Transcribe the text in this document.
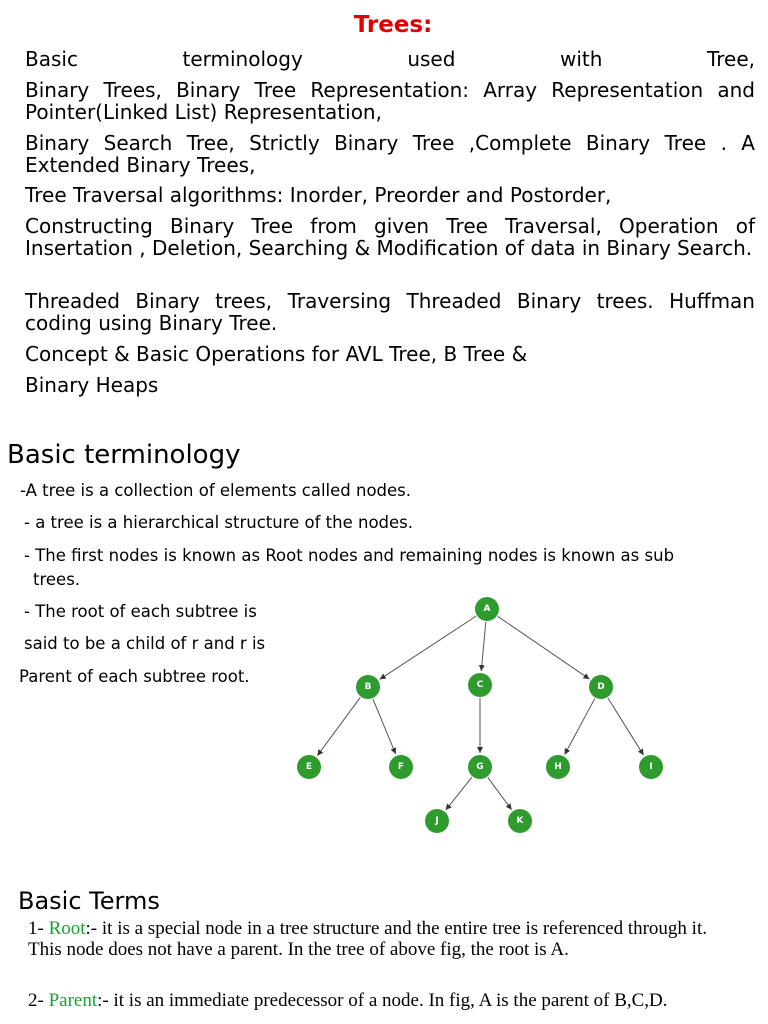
Trees:
Basic terminology used with Tree,
Binary Trees, Binary Tree Representation: Array Representation and Pointer(Linked List) Representation,
Binary Search Tree, Strictly Binary Tree ,Complete Binary Tree . A Extended Binary Trees,
Tree Traversal algorithms: Inorder, Preorder and Postorder,
Constructing Binary Tree from given Tree Traversal, Operation of Insertation , Deletion, Searching & Modification of data in Binary Search.
Threaded Binary trees, Traversing Threaded Binary trees. Huffman coding using Binary Tree.
Concept & Basic Operations for AVL Tree, B Tree &
Binary Heaps
Basic terminology
-A tree is a collection of elements called nodes.
- a tree is a hierarchical structure of the nodes.
- The first nodes is known as Root nodes and remaining nodes is known as sub
trees.
- The root of each subtree is
said to be a child of r and r is
Parent of each subtree root.
A
B	C	D
E	F	G	H	I
J	K
Basic Terms
1- Root:- it is a special node in a tree structure and the entire tree is referenced through it. This node does not have a parent. In the tree of above fig, the root is A.
2- Parent:- it is an immediate predecessor of a node. In fig, A is the parent of B,C,D.
